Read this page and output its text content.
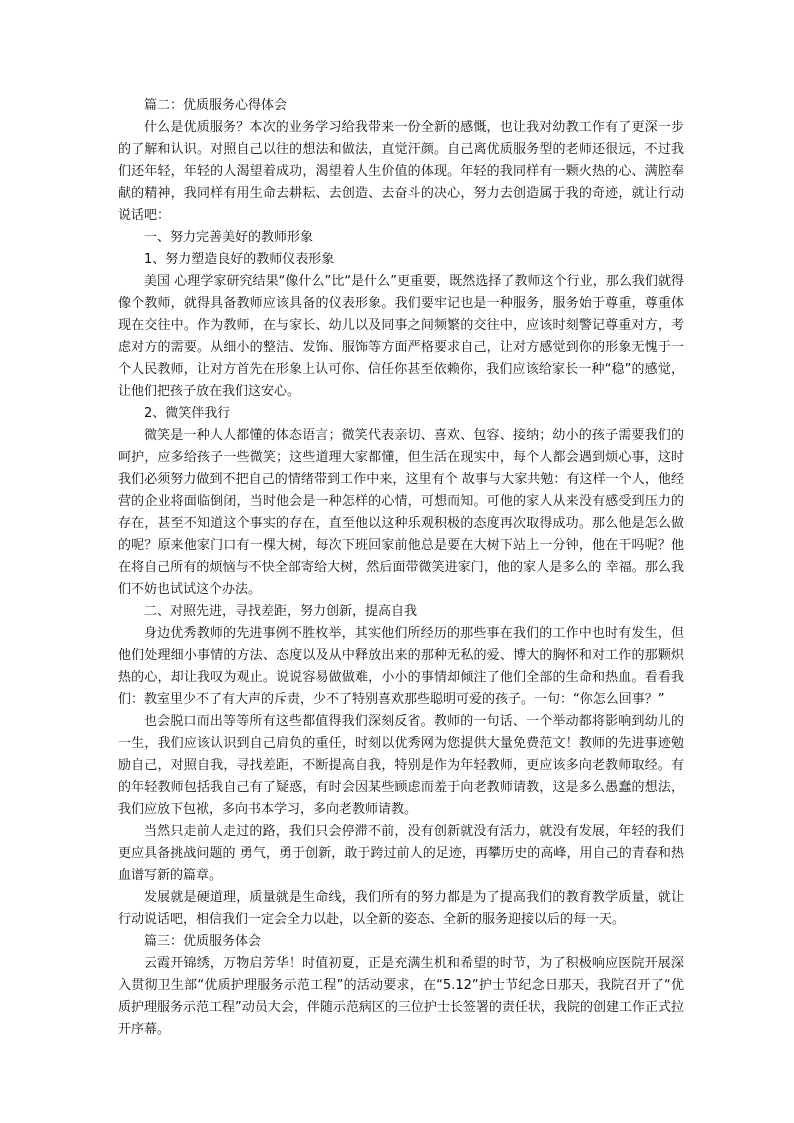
篇二：优质服务心得体会

什么是优质服务？本次的业务学习给我带来一份全新的感慨，也让我对幼教工作有了更深一步的了解和认识。对照自己以往的想法和做法，直觉汗颜。自己离优质服务型的老师还很远，不过我们还年轻，年轻的人渴望着成功，渴望着人生价值的体现。年轻的我同样有一颗火热的心、满腔奉献的精神，我同样有用生命去耕耘、去创造、去奋斗的决心，努力去创造属于我的奇迹，就让行动说话吧：

一、努力完善美好的教师形象

1、努力塑造良好的教师仪表形象

美国 心理学家研究结果“像什么”比“是什么”更重要，既然选择了教师这个行业，那么我们就得像个教师，就得具备教师应该具备的仪表形象。我们要牢记也是一种服务，服务始于尊重，尊重体现在交往中。作为教师，在与家长、幼儿以及同事之间频繁的交往中，应该时刻警记尊重对方，考虑对方的需要。从细小的整洁、发饰、服饰等方面严格要求自己，让对方感觉到你的形象无愧于一个人民教师，让对方首先在形象上认可你、信任你甚至依赖你，我们应该给家长一种“稳”的感觉，让他们把孩子放在我们这安心。

2、微笑伴我行

微笑是一种人人都懂的体态语言；微笑代表亲切、喜欢、包容、接纳；幼小的孩子需要我们的呵护，应多给孩子一些微笑；这些道理大家都懂，但生活在现实中，每个人都会遇到烦心事，这时我们必须努力做到不把自己的情绪带到工作中来，这里有个 故事与大家共勉：有这样一个人，他经营的企业将面临倒闭，当时他会是一种怎样的心情，可想而知。可他的家人从来没有感受到压力的存在，甚至不知道这个事实的存在，直至他以这种乐观积极的态度再次取得成功。那么他是怎么做的呢？原来他家门口有一棵大树，每次下班回家前他总是要在大树下站上一分钟，他在干吗呢？他在将自己所有的烦恼与不快全部寄给大树，然后面带微笑进家门，他的家人是多么的 幸福。那么我们不妨也试试这个办法。

二、对照先进，寻找差距，努力创新，提高自我

身边优秀教师的先进事例不胜枚举，其实他们所经历的那些事在我们的工作中也时有发生，但他们处理细小事情的方法、态度以及从中释放出来的那种无私的爱、博大的胸怀和对工作的那颗炽热的心，却让我叹为观止。说说容易做做难，小小的事情却倾注了他们全部的生命和热血。看看我们：教室里少不了有大声的斥责，少不了特别喜欢那些聪明可爱的孩子。一句：“你怎么回事？”

也会脱口而出等等所有这些都值得我们深刻反省。教师的一句话、一个举动都将影响到幼儿的一生，我们应该认识到自己肩负的重任，时刻以优秀网为您提供大量免费范文！教师的先进事迹勉励自己，对照自我，寻找差距，不断提高自我，特别是作为年轻教师，更应该多向老教师取经。有的年轻教师包括我自己有了疑惑，有时会因某些顾虑而羞于向老教师请教，这是多么愚蠢的想法，我们应放下包袱，多向书本学习，多向老教师请教。

当然只走前人走过的路，我们只会停滞不前，没有创新就没有活力，就没有发展，年轻的我们更应具备挑战问题的 勇气，勇于创新，敢于跨过前人的足迹，再攀历史的高峰，用自己的青春和热血谱写新的篇章。

发展就是硬道理，质量就是生命线，我们所有的努力都是为了提高我们的教育教学质量，就让行动说话吧，相信我们一定会全力以赴，以全新的姿态、全新的服务迎接以后的每一天。

篇三：优质服务体会

云霞开锦绣，万物启芳华！时值初夏，正是充满生机和希望的时节，为了积极响应医院开展深入贯彻卫生部“优质护理服务示范工程”的活动要求，在“5.12”护士节纪念日那天，我院召开了“优质护理服务示范工程”动员大会，伴随示范病区的三位护士长签署的责任状，我院的创建工作正式拉开序幕。
